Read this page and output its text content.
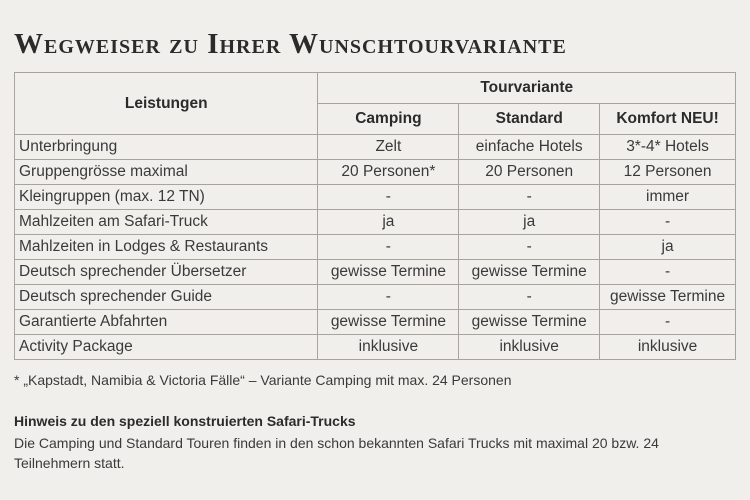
Wegweiser zu Ihrer Wunschtourvariante
Leistungen	Tourvariante		
	Camping	Standard	Komfort NEU!
Unterbringung	Zelt	einfache Hotels	3*-4* Hotels
Gruppengrösse maximal	20 Personen*	20 Personen	12 Personen
Kleingruppen (max. 12 TN)	-	-	immer
Mahlzeiten am Safari-Truck	ja	ja	-
Mahlzeiten in Lodges & Restaurants	-	-	ja
Deutsch sprechender Übersetzer	gewisse Termine	gewisse Termine	-
Deutsch sprechender Guide	-	-	gewisse Termine
Garantierte Abfahrten	gewisse Termine	gewisse Termine	-
Activity Package	inklusive	inklusive	inklusive
* „Kapstadt, Namibia & Victoria Fälle“ – Variante Camping mit max. 24 Personen
Hinweis zu den speziell konstruierten Safari-Trucks
Die Camping und Standard Touren finden in den schon bekannten Safari Trucks mit maximal 20 bzw. 24 Teilnehmern statt.
